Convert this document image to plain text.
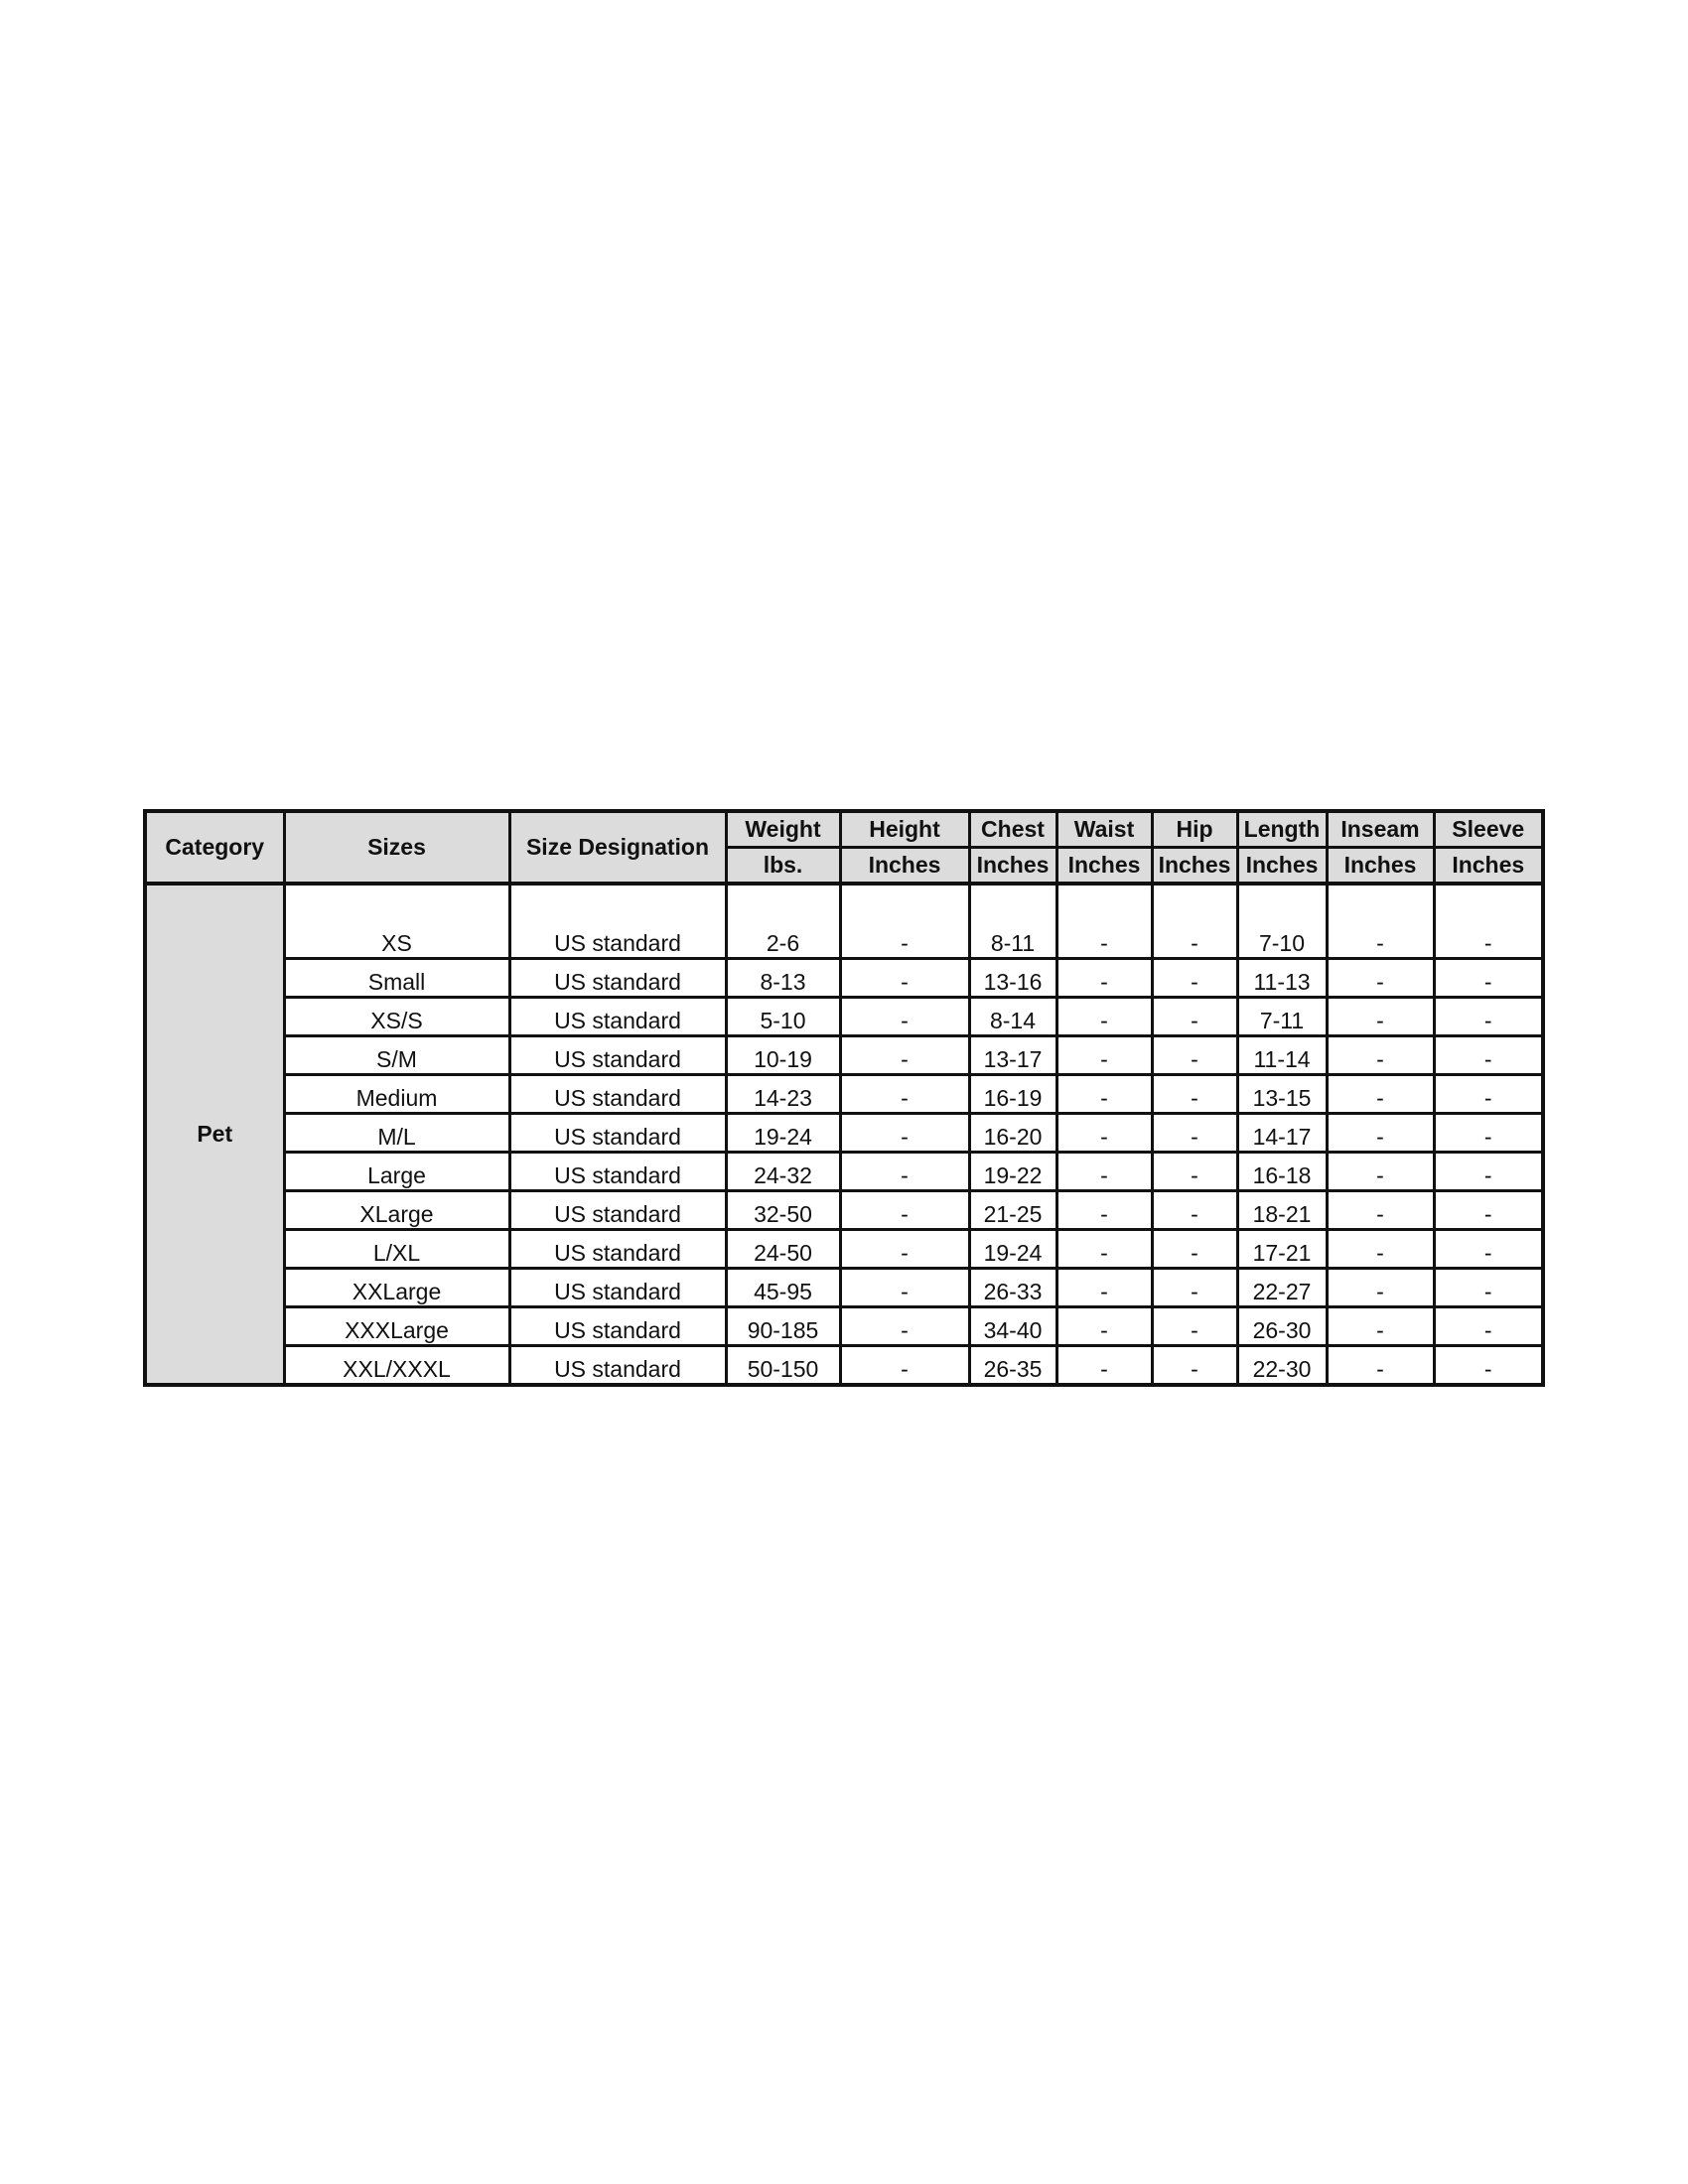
Category	Sizes	Size Designation	Weight	Height	Chest	Waist	Hip	Length	Inseam	Sleeve
			lbs.	Inches	Inches	Inches	Inches	Inches	Inches	Inches
Pet	XS	US standard	2-6	-	8-11	-	-	7-10	-	-
	Small	US standard	8-13	-	13-16	-	-	11-13	-	-
	XS/S	US standard	5-10	-	8-14	-	-	7-11	-	-
	S/M	US standard	10-19	-	13-17	-	-	11-14	-	-
	Medium	US standard	14-23	-	16-19	-	-	13-15	-	-
	M/L	US standard	19-24	-	16-20	-	-	14-17	-	-
	Large	US standard	24-32	-	19-22	-	-	16-18	-	-
	XLarge	US standard	32-50	-	21-25	-	-	18-21	-	-
	L/XL	US standard	24-50	-	19-24	-	-	17-21	-	-
	XXLarge	US standard	45-95	-	26-33	-	-	22-27	-	-
	XXXLarge	US standard	90-185	-	34-40	-	-	26-30	-	-
	XXL/XXXL	US standard	50-150	-	26-35	-	-	22-30	-	-
